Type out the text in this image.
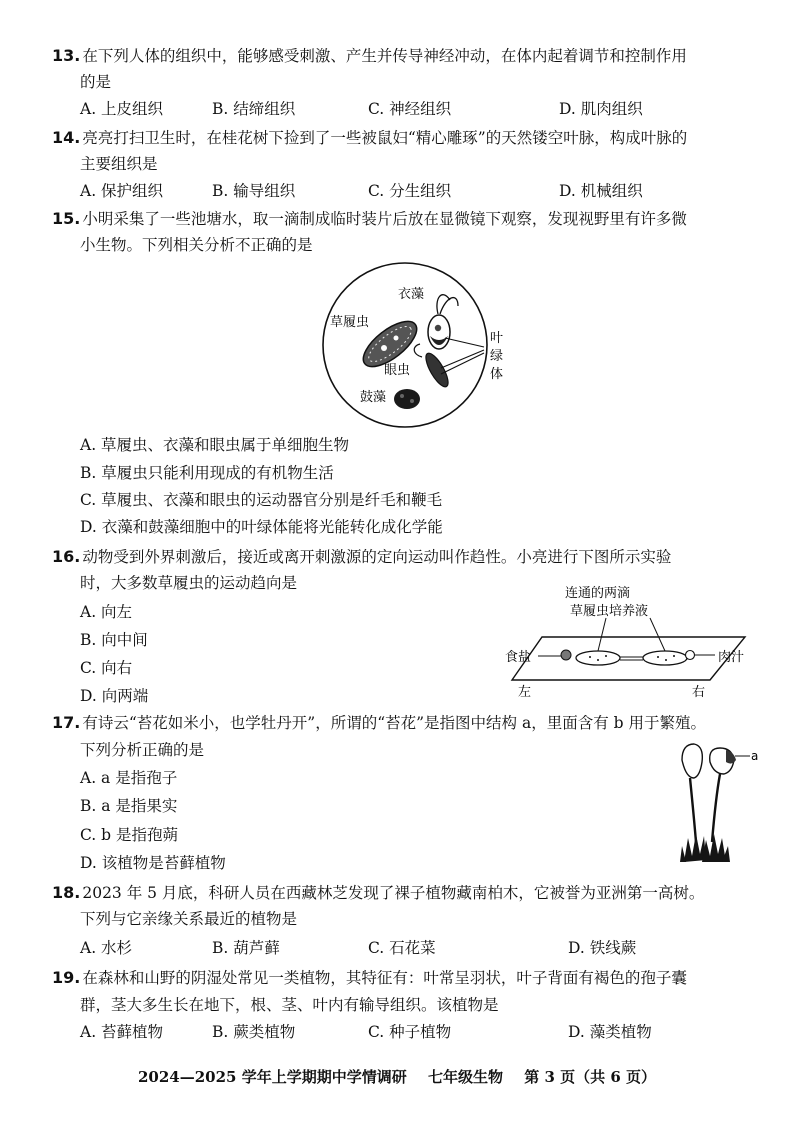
13. 在下列人体的组织中，能够感受刺激、产生并传导神经冲动，在体内起着调节和控制作用
的是
A. 上皮组织	B. 结缔组织	C. 神经组织	D. 肌肉组织
14. 亮亮打扫卫生时，在桂花树下捡到了一些被鼠妇“精心雕琢”的天然镂空叶脉，构成叶脉的
主要组织是
A. 保护组织	B. 输导组织	C. 分生组织	D. 机械组织
15. 小明采集了一些池塘水，取一滴制成临时装片后放在显微镜下观察，发现视野里有许多微
小生物。下列相关分析不正确的是
衣藻
草履虫
眼虫
鼓藻
叶
绿
体
A. 草履虫、衣藻和眼虫属于单细胞生物
B. 草履虫只能利用现成的有机物生活
C. 草履虫、衣藻和眼虫的运动器官分别是纤毛和鞭毛
D. 衣藻和鼓藻细胞中的叶绿体能将光能转化成化学能
16. 动物受到外界刺激后，接近或离开刺激源的定向运动叫作趋性。小亮进行下图所示实验
时，大多数草履虫的运动趋向是
A. 向左
B. 向中间
C. 向右
D. 向两端
连通的两滴
草履虫培养液
食盐	肉汁
左	右
17. 有诗云“苔花如米小，也学牡丹开”，所谓的“苔花”是指图中结构 a，里面含有 b 用于繁殖。
下列分析正确的是
A. a 是指孢子
B. a 是指果实
C. b 是指孢蒴
D. 该植物是苔藓植物
a
18. 2023 年 5 月底，科研人员在西藏林芝发现了裸子植物藏南柏木，它被誉为亚洲第一高树。
下列与它亲缘关系最近的植物是
A. 水杉	B. 葫芦藓	C. 石花菜	D. 铁线蕨
19. 在森林和山野的阴湿处常见一类植物，其特征有：叶常呈羽状，叶子背面有褐色的孢子囊
群，茎大多生长在地下，根、茎、叶内有输导组织。该植物是
A. 苔藓植物	B. 蕨类植物	C. 种子植物	D. 藻类植物
2024—2025 学年上学期期中学情调研 七年级生物 第 3 页（共 6 页）
